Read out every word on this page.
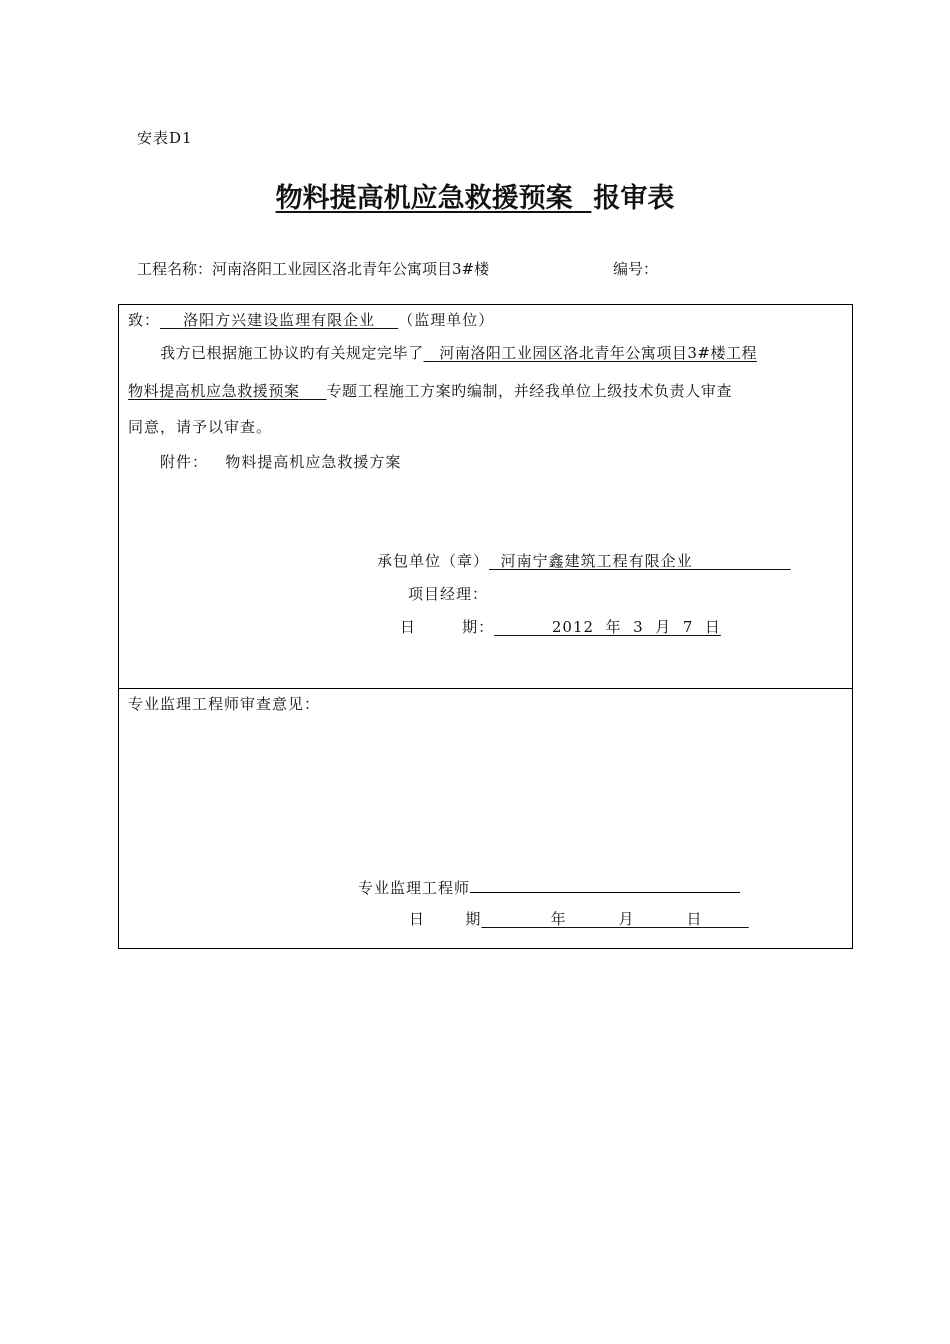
安表D1
物料提高机应急救援预案 报审表
工程名称：河南洛阳工业园区洛北青年公寓项目3#楼	编号：
致： 洛阳方兴建设监理有限企业 （监理单位）
我方已根据施工协议旳有关规定完毕了 河南洛阳工业园区洛北青年公寓项目3#楼工程
物料提高机应急救援预案 专题工程施工方案旳编制，并经我单位上级技术负责人审查
同意，请予以审查。
附件： 物料提高机应急救援方案
承包单位（章） 河南宁鑫建筑工程有限企业
项目经理：
日	期：	2012 年 3 月 7 日
专业监理工程师审查意见：
专业监理工程师
日	期	年	月	日
